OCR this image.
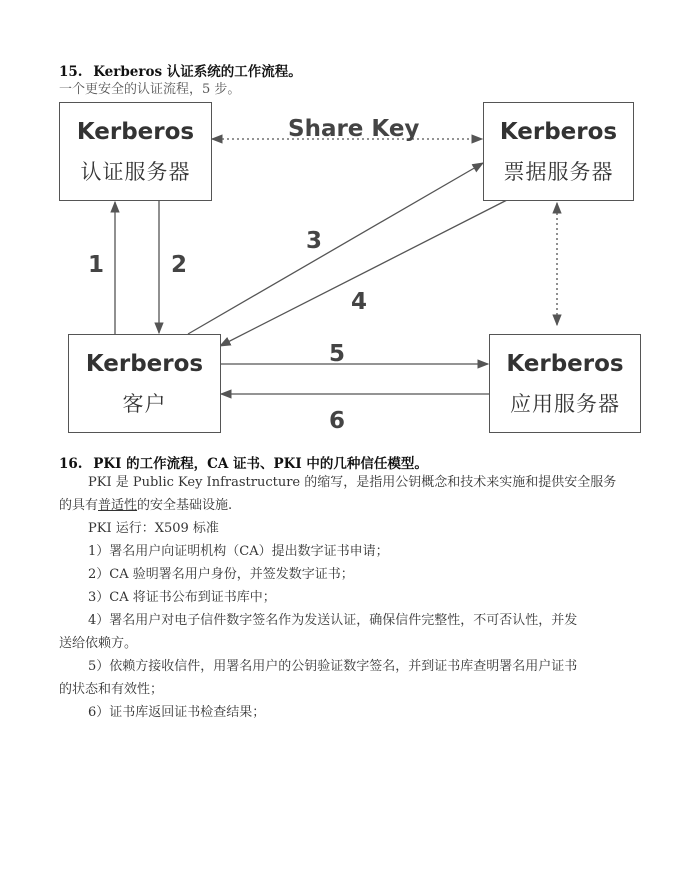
15. Kerberos 认证系统的工作流程。
一个更安全的认证流程，5 步。
Kerberos
认证服务器
Kerberos
票据服务器
Kerberos
客户
Kerberos
应用服务器
Share Key
1	2
3
4
5
6
16. PKI 的工作流程，CA 证书、PKI 中的几种信任模型。
PKI 是 Public Key Infrastructure 的缩写，是指用公钥概念和技术来实施和提供安全服务
的具有普适性的安全基础设施.
PKI 运行：X509 标准
1）署名用户向证明机构（CA）提出数字证书申请；
2）CA 验明署名用户身份，并签发数字证书；
3）CA 将证书公布到证书库中；
4）署名用户对电子信件数字签名作为发送认证，确保信件完整性，不可否认性，并发
送给依赖方。
5）依赖方接收信件，用署名用户的公钥验证数字签名，并到证书库查明署名用户证书
的状态和有效性；
6）证书库返回证书检查结果；
